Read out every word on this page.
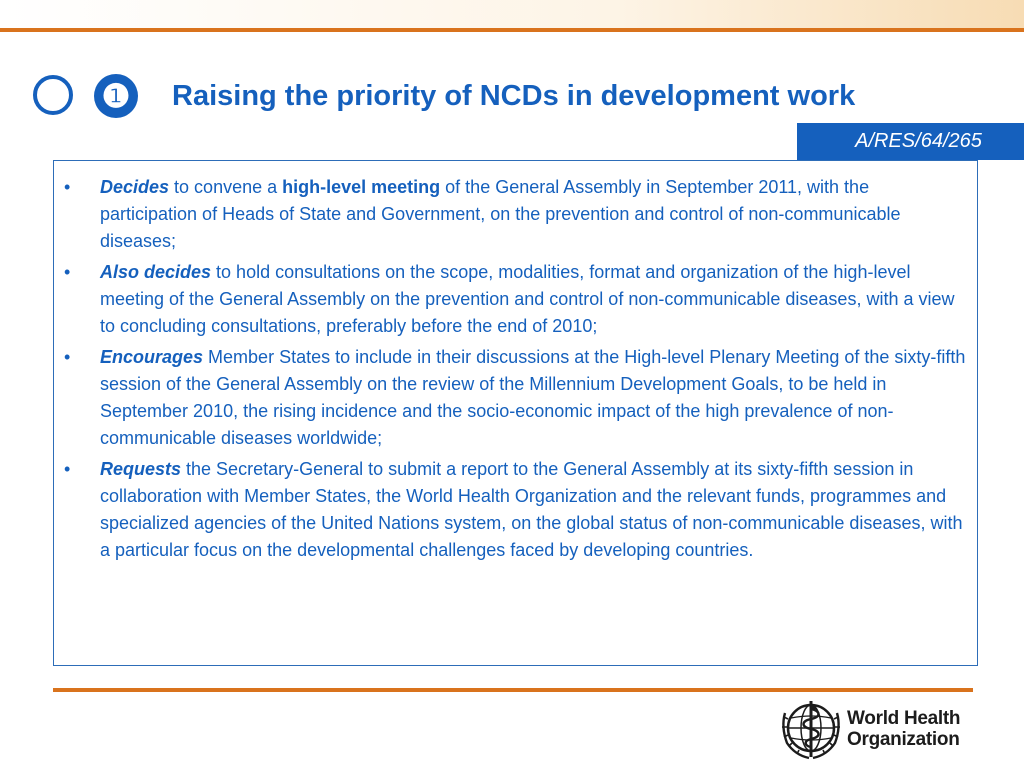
❶ Raising the priority of NCDs in development work
A/RES/64/265
• Decides to convene a high-level meeting of the General Assembly in September 2011, with the participation of Heads of State and Government, on the prevention and control of non-communicable diseases;
• Also decides to hold consultations on the scope, modalities, format and organization of the high-level meeting of the General Assembly on the prevention and control of non-communicable diseases, with a view to concluding consultations, preferably before the end of 2010;
• Encourages Member States to include in their discussions at the High-level Plenary Meeting of the sixty-fifth session of the General Assembly on the review of the Millennium Development Goals, to be held in September 2010, the rising incidence and the socio-economic impact of the high prevalence of non-communicable diseases worldwide;
• Requests the Secretary-General to submit a report to the General Assembly at its sixty-fifth session in collaboration with Member States, the World Health Organization and the relevant funds, programmes and specialized agencies of the United Nations system, on the global status of non-communicable diseases, with a particular focus on the developmental challenges faced by developing countries.
World Health
Organization
